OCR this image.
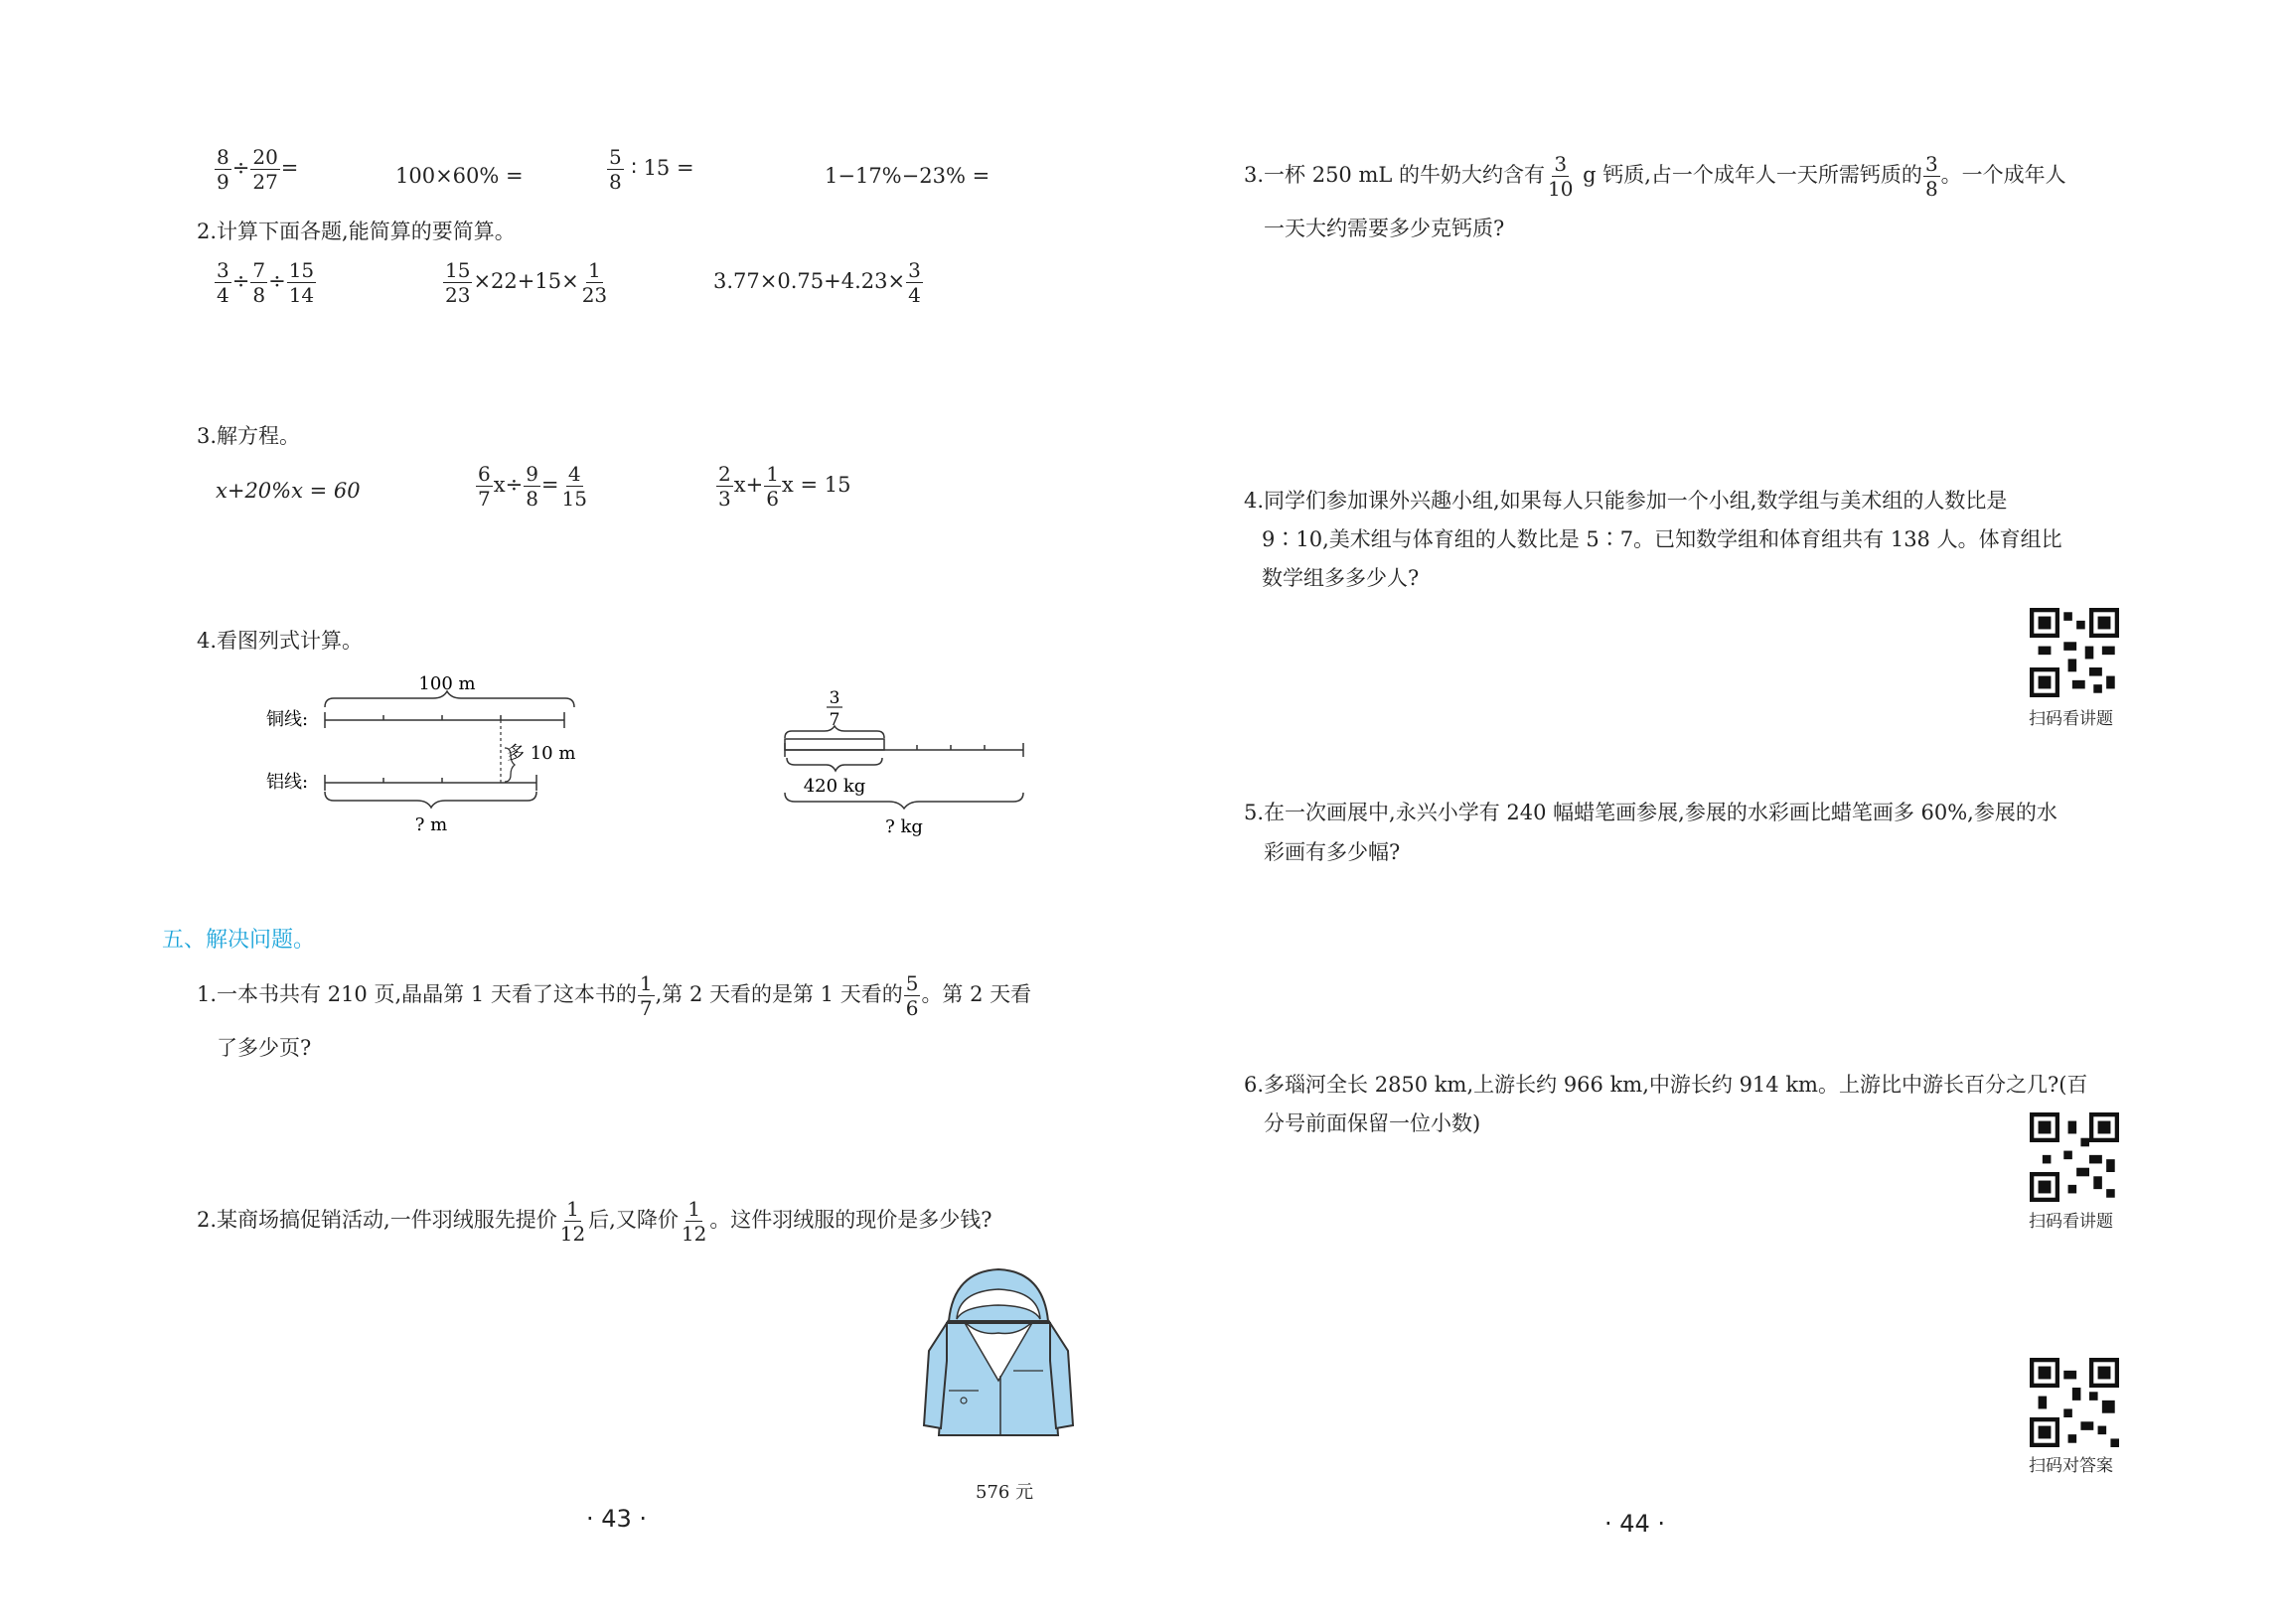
$\frac{8}{9} \div \frac{20}{27}$ =	100×60% =	$\frac{5}{8}$ ∶ 15 =	1−17%−23% =
2.计算下面各题,能简算的要简算。
$\frac{3}{4} \div \frac{7}{8} \div \frac{15}{14}$	$\frac{15}{23} \times 22+15\times \frac{1}{23}$	$3.77\times 0.75+4.23\times \frac{3}{4}$
3.解方程。
x+20%x = 60	$\frac{6}{7} x\div \frac{9}{8} = \frac{4}{15}$	$\frac{2}{3} x+ \frac{1}{6}$ x = 15
4.看图列式计算。
100 m
铜线:
多 10 m
铝线:
? m
3
7
420 kg
? kg
五、解决问题。
1.一本书共有 210 页,晶晶第 1 天看了这本书的 $\frac{1}{7}$ ,第 2 天看的是第 1 天看的 $\frac{5}{6}$ 。第 2 天看
了多少页?
2.某商场搞促销活动,一件羽绒服先提价 $\frac{1}{12}$ 后,又降价 $\frac{1}{12}$ 。这件羽绒服的现价是多少钱?
576 元
· 43 ·
3.一杯 250 mL 的牛奶大约含有 $\frac{3}{10}$ g 钙质,占一个成年人一天所需钙质的 $\frac{3}{8}$ 。一个成年人
一天大约需要多少克钙质?
4.同学们参加课外兴趣小组,如果每人只能参加一个小组,数学组与美术组的人数比是
9∶10,美术组与体育组的人数比是 5∶7。已知数学组和体育组共有 138 人。体育组比
数学组多多少人?
扫码看讲题
5.在一次画展中,永兴小学有 240 幅蜡笔画参展,参展的水彩画比蜡笔画多 60%,参展的水
彩画有多少幅?
6.多瑙河全长 2850 km,上游长约 966 km,中游长约 914 km。上游比中游长百分之几?(百
分号前面保留一位小数)
扫码看讲题
扫码对答案
· 44 ·
